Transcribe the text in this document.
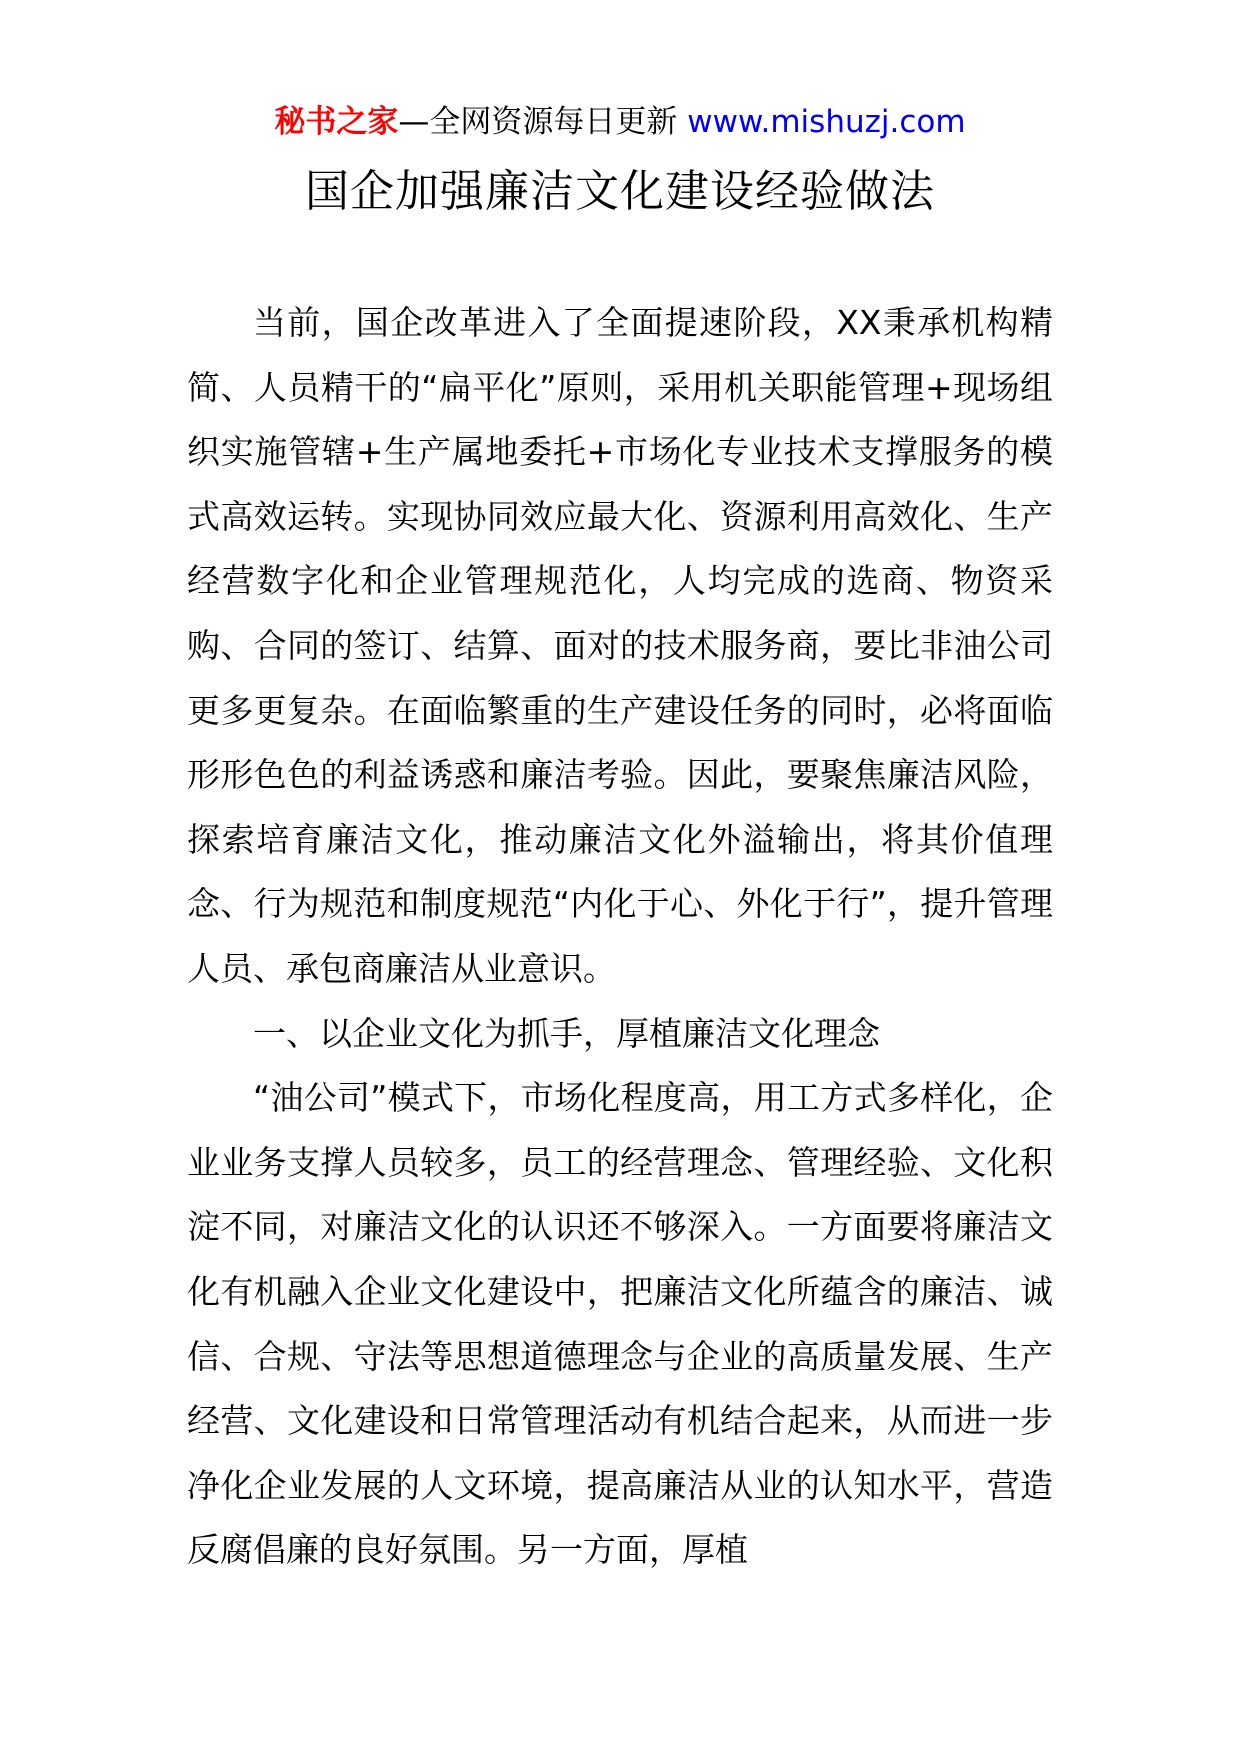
秘书之家—全网资源每日更新 www.mishuzj.com
国企加强廉洁文化建设经验做法

当前，国企改革进入了全面提速阶段，XX秉承机构精简、人员精干的“扁平化”原则，采用机关职能管理+现场组织实施管辖+生产属地委托+市场化专业技术支撑服务的模式高效运转。实现协同效应最大化、资源利用高效化、生产经营数字化和企业管理规范化，人均完成的选商、物资采购、合同的签订、结算、面对的技术服务商，要比非油公司更多更复杂。在面临繁重的生产建设任务的同时，必将面临形形色色的利益诱惑和廉洁考验。因此，要聚焦廉洁风险，探索培育廉洁文化，推动廉洁文化外溢输出，将其价值理念、行为规范和制度规范“内化于心、外化于行”，提升管理人员、承包商廉洁从业意识。

一、以企业文化为抓手，厚植廉洁文化理念

“油公司”模式下，市场化程度高，用工方式多样化，企业业务支撑人员较多，员工的经营理念、管理经验、文化积淀不同，对廉洁文化的认识还不够深入。一方面要将廉洁文化有机融入企业文化建设中，把廉洁文化所蕴含的廉洁、诚信、合规、守法等思想道德理念与企业的高质量发展、生产经营、文化建设和日常管理活动有机结合起来，从而进一步净化企业发展的人文环境，提高廉洁从业的认知水平，营造反腐倡廉的良好氛围。另一方面，厚植
